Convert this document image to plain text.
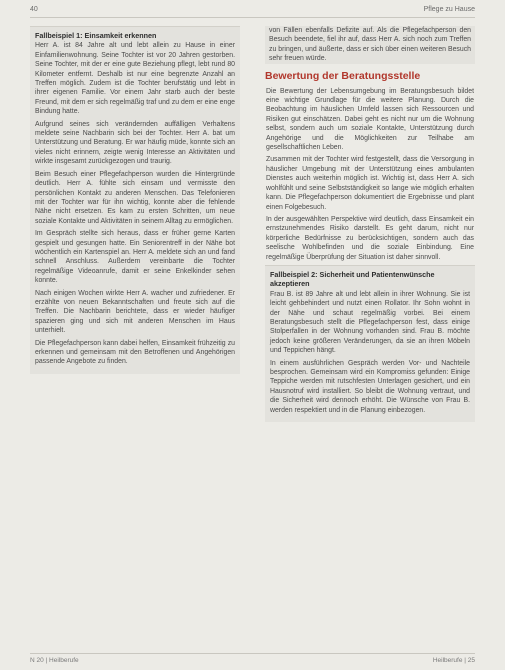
40	Pflege zu Hause
Fallbeispiel 1: Einsamkeit erkennen

Herr A. ist 84 Jahre alt und lebt allein zu Hause in einer Einfamilienwohnung. Seine Tochter ist vor 20 Jahren gestorben. Seine Tochter, mit der er eine gute Beziehung pflegt, lebt rund 80 Kilometer entfernt. Deshalb ist nur eine begrenzte Anzahl an Treffen möglich. Zudem ist die Tochter berufstätig und lebt in ihrer eigenen Familie. Vor einem Jahr starb auch der beste Freund, mit dem er sich regelmäßig traf und zu dem er eine enge Bindung hatte.

Aufgrund seines sich verändernden auffälligen Verhaltens meldete seine Nachbarin sich bei der Tochter. Herr A. bat um Unterstützung und Beratung. Er war häufig müde, konnte sich an vieles nicht erinnern, zeigte wenig Interesse an Aktivitäten und wirkte insgesamt zurückgezogen und traurig.

Beim Besuch einer Pflegefachperson wurden die Hintergründe deutlich. Herr A. fühlte sich einsam und vermisste den persönlichen Kontakt zu anderen Menschen. Das Telefonieren mit der Tochter war für ihn wichtig, konnte aber die fehlende Nähe nicht ersetzen. Es kam zu ersten Schritten, um neue soziale Kontakte und Aktivitäten in seinem Alltag zu ermöglichen.

Im Gespräch stellte sich heraus, dass er früher gerne Karten gespielt und gesungen hatte. Ein Seniorentreff in der Nähe bot wöchentlich ein Kartenspiel an. Herr A. meldete sich an und fand schnell Anschluss. Außerdem vereinbarte die Tochter regelmäßige Videoanrufe, damit er seine Enkelkinder sehen konnte.

Nach einigen Wochen wirkte Herr A. wacher und zufriedener. Er erzählte von neuen Bekanntschaften und freute sich auf die Treffen. Die Nachbarin berichtete, dass er wieder häufiger spazieren ging und sich mit anderen Menschen im Haus unterhielt.

Die Pflegefachperson kann dabei helfen, Einsamkeit frühzeitig zu erkennen und gemeinsam mit den Betroffenen und Angehörigen passende Angebote zu finden.

von Fällen ebenfalls Defizite auf. Als die Pflegefachperson den Besuch beendete, fiel ihr auf, dass Herr A. sich noch zum Treffen zu bringen, und äußerte, dass er sich über einen weiteren Besuch sehr freuen würde.

Bewertung der Beratungsstelle

Die Bewertung der Lebensumgebung im Beratungsbesuch bildet eine wichtige Grundlage für die weitere Planung. Durch die Beobachtung im häuslichen Umfeld lassen sich Ressourcen und Risiken gut einschätzen. Dabei geht es nicht nur um die Wohnung selbst, sondern auch um soziale Kontakte, Unterstützung durch Angehörige und die Möglichkeiten zur Teilhabe am gesellschaftlichen Leben.

Zusammen mit der Tochter wird festgestellt, dass die Versorgung in häuslicher Umgebung mit der Unterstützung eines ambulanten Dienstes auch weiterhin möglich ist. Wichtig ist, dass Herr A. sich wohlfühlt und seine Selbstständigkeit so lange wie möglich erhalten kann. Die Pflegefachperson dokumentiert die Ergebnisse und plant einen Folgebesuch.

In der ausgewählten Perspektive wird deutlich, dass Einsamkeit ein ernstzunehmendes Risiko darstellt. Es geht darum, nicht nur körperliche Bedürfnisse zu berücksichtigen, sondern auch das seelische Wohlbefinden und die soziale Einbindung. Eine regelmäßige Überprüfung der Situation ist daher sinnvoll.

Fallbeispiel 2: Sicherheit und Patientenwünsche akzeptieren

Frau B. ist 89 Jahre alt und lebt allein in ihrer Wohnung. Sie ist leicht gehbehindert und nutzt einen Rollator. Ihr Sohn wohnt in der Nähe und schaut regelmäßig vorbei. Bei einem Beratungsbesuch stellt die Pflegefachperson fest, dass einige Stolperfallen in der Wohnung vorhanden sind. Frau B. möchte jedoch keine größeren Veränderungen, da sie an ihren Möbeln und Teppichen hängt.

In einem ausführlichen Gespräch werden Vor- und Nachteile besprochen. Gemeinsam wird ein Kompromiss gefunden: Einige Teppiche werden mit rutschfesten Unterlagen gesichert, und ein Hausnotruf wird installiert. So bleibt die Wohnung vertraut, und die Sicherheit wird dennoch erhöht. Die Wünsche von Frau B. werden respektiert und in die Planung einbezogen.

N 20 | Heilberufe	Heilberufe | 25
